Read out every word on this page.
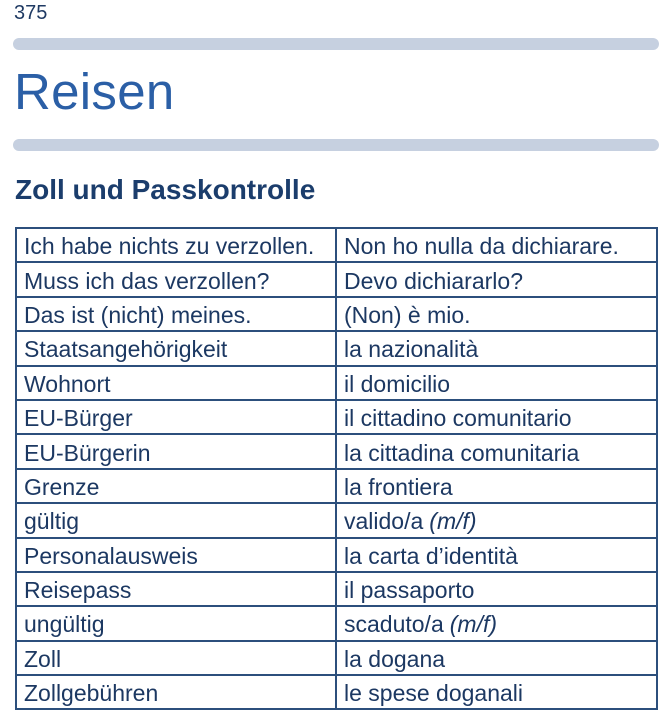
375
Reisen
Zoll und Passkontrolle
Ich habe nichts zu verzollen.	Non ho nulla da dichiarare.
Muss ich das verzollen?	Devo dichiararlo?
Das ist (nicht) meines.	(Non) è mio.
Staatsangehörigkeit	la nazionalità
Wohnort	il domicilio
EU-Bürger	il cittadino comunitario
EU-Bürgerin	la cittadina comunitaria
Grenze	la frontiera
gültig	valido/a (m/f)
Personalausweis	la carta d’identità
Reisepass	il passaporto
ungültig	scaduto/a (m/f)
Zoll	la dogana
Zollgebühren	le spese doganali
